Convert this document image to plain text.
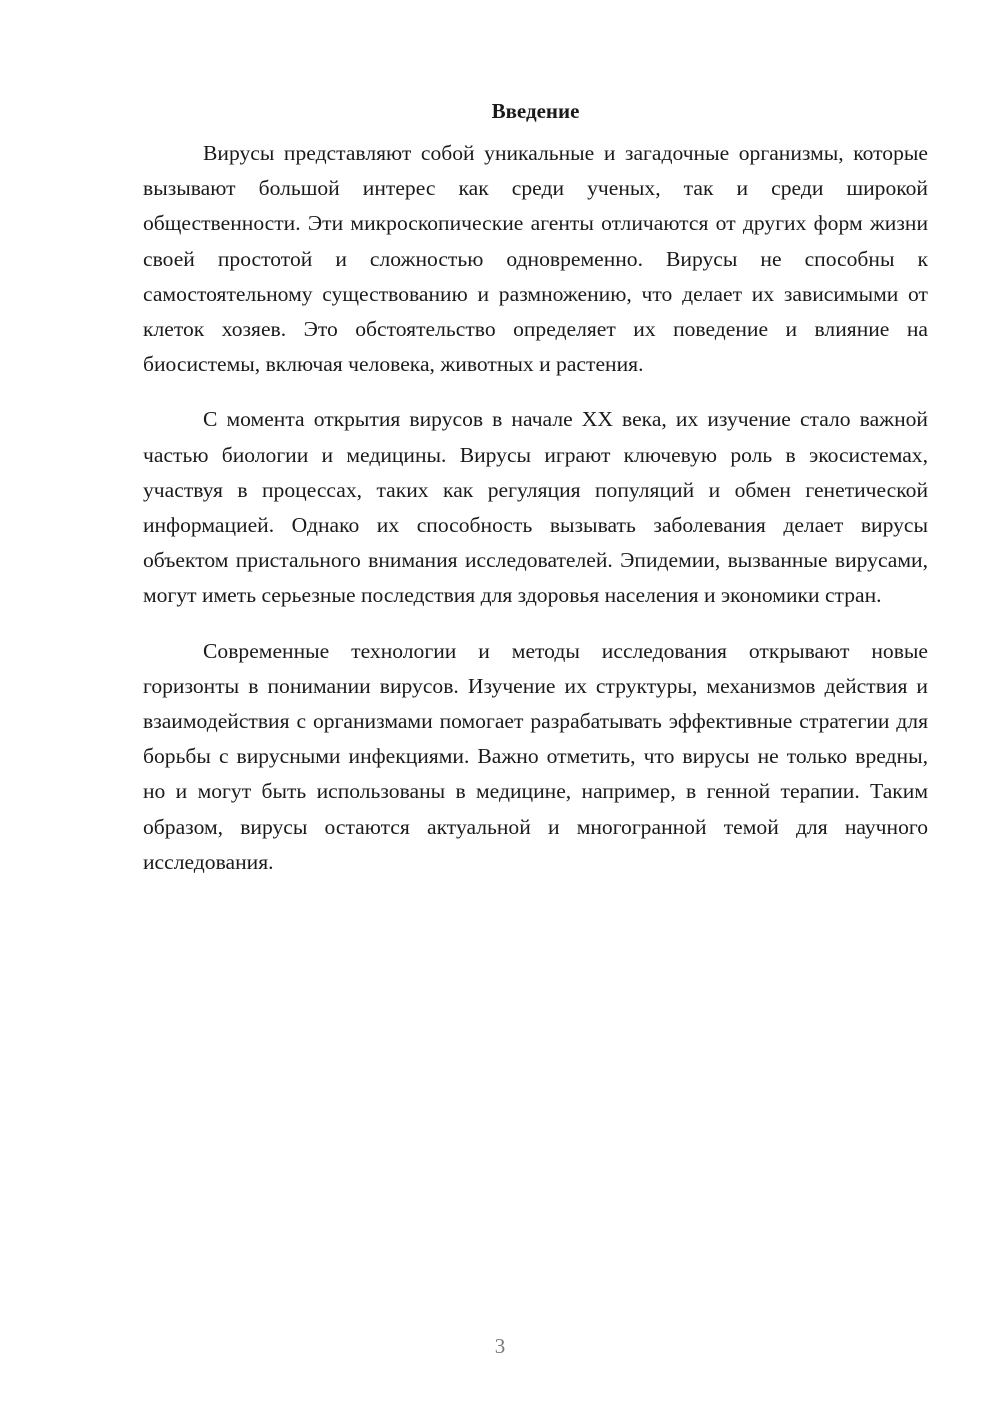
Введение

Вирусы представляют собой уникальные и загадочные организмы, которые вызывают большой интерес как среди ученых, так и среди широкой общественности. Эти микроскопические агенты отличаются от других форм жизни своей простотой и сложностью одновременно. Вирусы не способны к самостоятельному существованию и размножению, что делает их зависимыми от клеток хозяев. Это обстоятельство определяет их поведение и влияние на биосистемы, включая человека, животных и растения.

С момента открытия вирусов в начале XX века, их изучение стало важной частью биологии и медицины. Вирусы играют ключевую роль в экосистемах, участвуя в процессах, таких как регуляция популяций и обмен генетической информацией. Однако их способность вызывать заболевания делает вирусы объектом пристального внимания исследователей. Эпидемии, вызванные вирусами, могут иметь серьезные последствия для здоровья населения и экономики стран.

Современные технологии и методы исследования открывают новые горизонты в понимании вирусов. Изучение их структуры, механизмов действия и взаимодействия с организмами помогает разрабатывать эффективные стратегии для борьбы с вирусными инфекциями. Важно отметить, что вирусы не только вредны, но и могут быть использованы в медицине, например, в генной терапии. Таким образом, вирусы остаются актуальной и многогранной темой для научного исследования.

3
